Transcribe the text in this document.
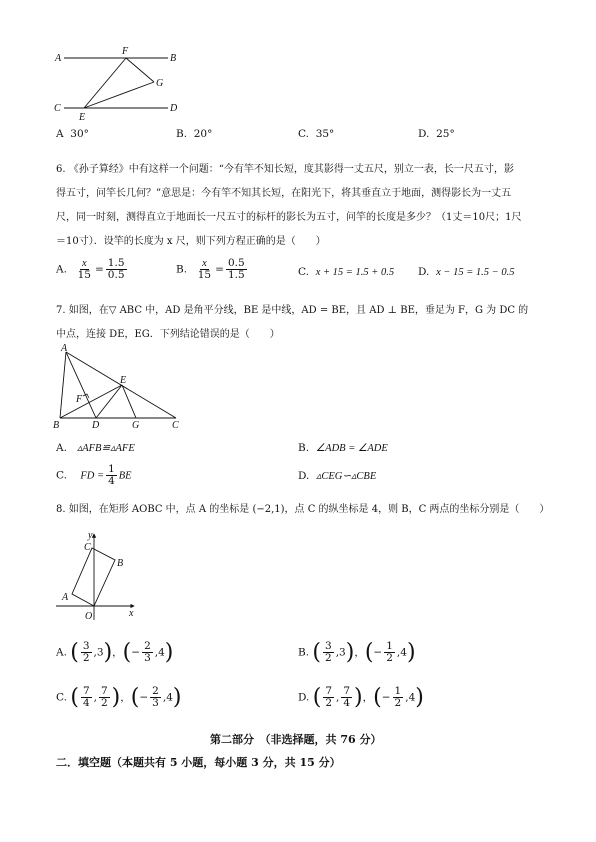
A
F
B
G
C
E
D
A 30°	B. 20°	C. 35°	D. 25°
6. 《孙子算经》中有这样一个问题：“今有竿不知长短，度其影得一丈五尺，别立一表，长一尺五寸，影
得五寸，问竿长几何？”意思是：今有竿不知其长短，在阳光下，将其垂直立于地面，测得影长为一丈五
尺，同一时刻，测得直立于地面长一尺五寸的标杆的影长为五寸，问竿的长度是多少？（1丈＝10尺；1尺
＝10寸）．设竿的长度为 x 尺，则下列方程正确的是（　　）
A. $\frac{x}{15} = \frac{1.5}{0.5}$	B. $\frac{x}{15} = \frac{0.5}{1.5}$	C. x + 15 = 1.5 + 0.5 D. x − 15 = 1.5 − 0.5
7. 如图，在▽ ABC 中，AD 是角平分线，BE 是中线，AD = BE，且 AD ⊥ BE，垂足为 F，G 为 DC 的
中点，连接 DE，EG．下列结论错误的是（　　）
A
E
F
B	D	G	C
A. ▵AFB≌▵AFE	B. ∠ADB = ∠ADE
C. FD = $\frac{1}{4}$ BE	D. ▵CEG∽▵CBE
8. 如图，在矩形 AOBC 中，点 A 的坐标是 (−2,1)，点 C 的纵坐标是 4，则 B，C 两点的坐标分别是（　　）
y
x
C
B
A
O
A. ( $\frac{3}{2} ,3$)，(− $\frac{2}{3} ,4$)	B. ( $\frac{3}{2} ,3$)，(− $\frac{1}{2} ,4$)
C. ( $\frac{7}{4}$ , $\frac{7}{2}$ )，(− $\frac{2}{3} ,4$)	D. ( $\frac{7}{2}$ , $\frac{7}{4}$ )，(− $\frac{1}{2} ,4$)
第二部分　（非选择题，共 76 分）
二．填空题（本题共有 5 小题，每小题 3 分，共 15 分）
